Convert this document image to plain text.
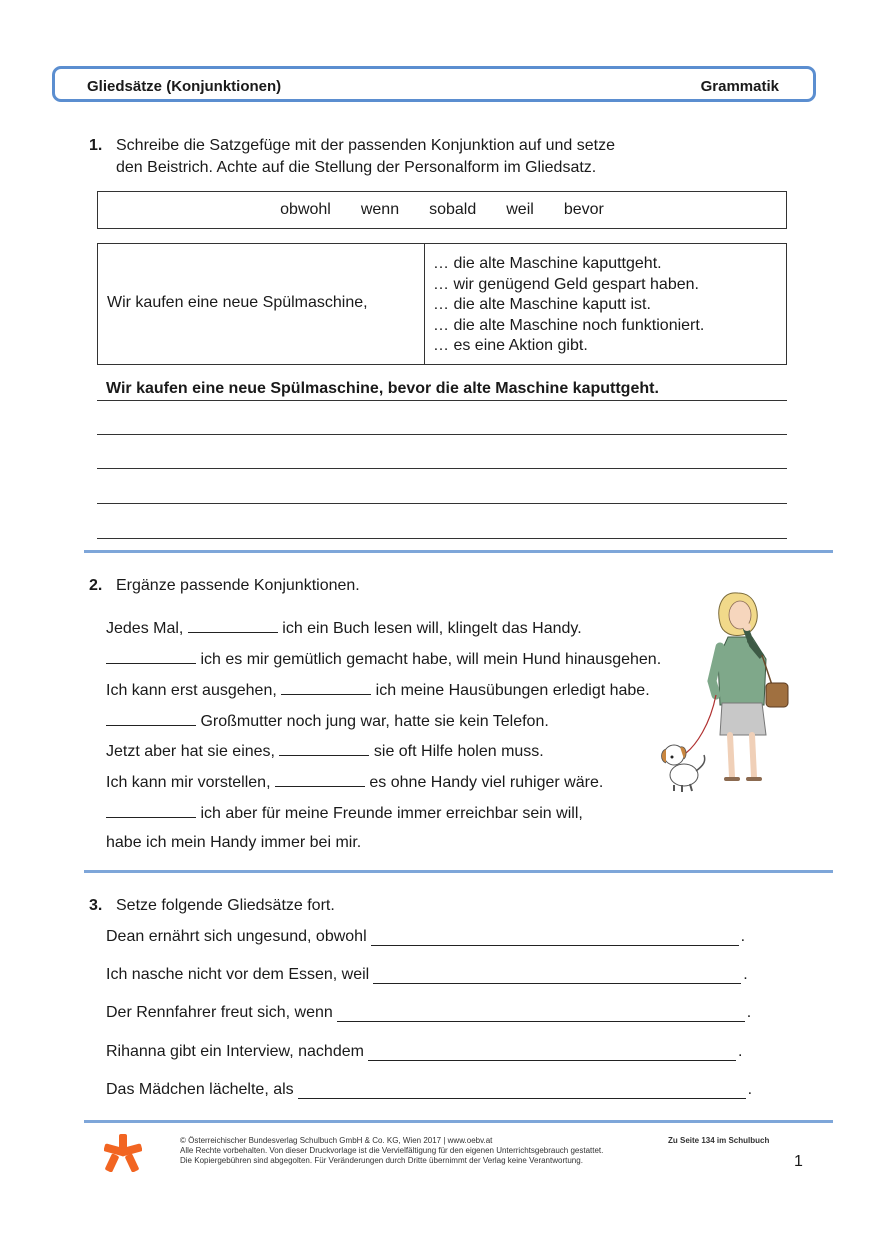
Gliedsätze (Konjunktionen)	Grammatik
1. Schreibe die Satzgefüge mit der passenden Konjunktion auf und setze
den Beistrich. Achte auf die Stellung der Personalform im Gliedsatz.
obwohl wenn sobald weil bevor
Wir kaufen eine neue Spülmaschine,
… die alte Maschine kaputtgeht.
… wir genügend Geld gespart haben.
… die alte Maschine kaputt ist.
… die alte Maschine noch funktioniert.
… es eine Aktion gibt.
Wir kaufen eine neue Spülmaschine, bevor die alte Maschine kaputtgeht.
2. Ergänze passende Konjunktionen.
Jedes Mal,	ich ein Buch lesen will, klingelt das Handy.
ich es mir gemütlich gemacht habe, will mein Hund hinausgehen.
Ich kann erst ausgehen,	ich meine Hausübungen erledigt habe.
Großmutter noch jung war, hatte sie kein Telefon.
Jetzt aber hat sie eines,	sie oft Hilfe holen muss.
Ich kann mir vorstellen,	es ohne Handy viel ruhiger wäre.
ich aber für meine Freunde immer erreichbar sein will,
habe ich mein Handy immer bei mir.
3. Setze folgende Gliedsätze fort.
Dean ernährt sich ungesund, obwohl	.
Ich nasche nicht vor dem Essen, weil	.
Der Rennfahrer freut sich, wenn	.
Rihanna gibt ein Interview, nachdem	.
Das Mädchen lächelte, als	.
© Österreichischer Bundesverlag Schulbuch GmbH & Co. KG, Wien 2017 | www.oebv.at
Alle Rechte vorbehalten. Von dieser Druckvorlage ist die Vervielfältigung für den eigenen Unterrichtsgebrauch gestattet.
Die Kopiergebühren sind abgegolten. Für Veränderungen durch Dritte übernimmt der Verlag keine Verantwortung.
Zu Seite 134 im Schulbuch
1
